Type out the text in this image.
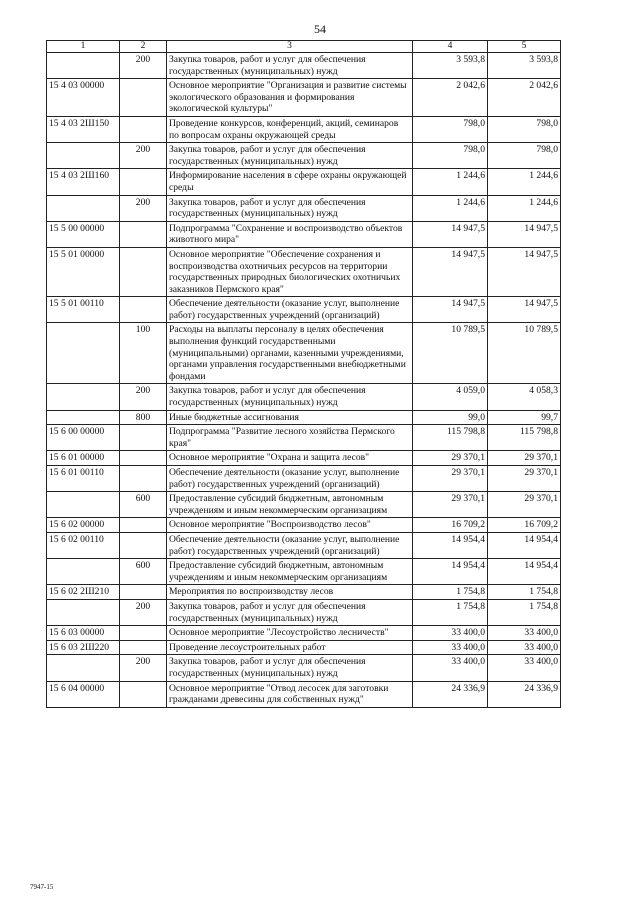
54
1	2	3	4	5
	200	Закупка товаров, работ и услуг для обеспечения государственных (муниципальных) нужд	3 593,8	3 593,8
15 4 03 00000		Основное мероприятие "Организация и развитие системы экологического образования и формирования экологической культуры"	2 042,6	2 042,6
15 4 03 2Ш150		Проведение конкурсов, конференций, акций, семинаров по вопросам охраны окружающей среды	798,0	798,0
	200	Закупка товаров, работ и услуг для обеспечения государственных (муниципальных) нужд	798,0	798,0
15 4 03 2Ш160		Информирование населения в сфере охраны окружающей среды	1 244,6	1 244,6
	200	Закупка товаров, работ и услуг для обеспечения государственных (муниципальных) нужд	1 244,6	1 244,6
15 5 00 00000		Подпрограмма "Сохранение и воспроизводство объектов животного мира"	14 947,5	14 947,5
15 5 01 00000		Основное мероприятие "Обеспечение сохранения и воспроизводства охотничьих ресурсов на территории государственных природных биологических охотничьих заказников Пермского края"	14 947,5	14 947,5
15 5 01 00110		Обеспечение деятельности (оказание услуг, выполнение работ) государственных учреждений (организаций)	14 947,5	14 947,5
	100	Расходы на выплаты персоналу в целях обеспечения выполнения функций государственными (муниципальными) органами, казенными учреждениями, органами управления государственными внебюджетными фондами	10 789,5	10 789,5
	200	Закупка товаров, работ и услуг для обеспечения государственных (муниципальных) нужд	4 059,0	4 058,3
	800	Иные бюджетные ассигнования	99,0	99,7
15 6 00 00000		Подпрограмма "Развитие лесного хозяйства Пермского края"	115 798,8	115 798,8
15 6 01 00000		Основное мероприятие "Охрана и защита лесов"	29 370,1	29 370,1
15 6 01 00110		Обеспечение деятельности (оказание услуг, выполнение работ) государственных учреждений (организаций)	29 370,1	29 370,1
	600	Предоставление субсидий бюджетным, автономным учреждениям и иным некоммерческим организациям	29 370,1	29 370,1
15 6 02 00000		Основное мероприятие "Воспроизводство лесов"	16 709,2	16 709,2
15 6 02 00110		Обеспечение деятельности (оказание услуг, выполнение работ) государственных учреждений (организаций)	14 954,4	14 954,4
	600	Предоставление субсидий бюджетным, автономным учреждениям и иным некоммерческим организациям	14 954,4	14 954,4
15 6 02 2Ш210		Мероприятия по воспроизводству лесов	1 754,8	1 754,8
	200	Закупка товаров, работ и услуг для обеспечения государственных (муниципальных) нужд	1 754,8	1 754,8
15 6 03 00000		Основное мероприятие "Лесоустройство лесничеств"	33 400,0	33 400,0
15 6 03 2Ш220		Проведение лесоустроительных работ	33 400,0	33 400,0
	200	Закупка товаров, работ и услуг для обеспечения государственных (муниципальных) нужд	33 400,0	33 400,0
15 6 04 00000		Основное мероприятие "Отвод лесосек для заготовки гражданами древесины для собственных нужд"	24 336,9	24 336,9
7947-15
